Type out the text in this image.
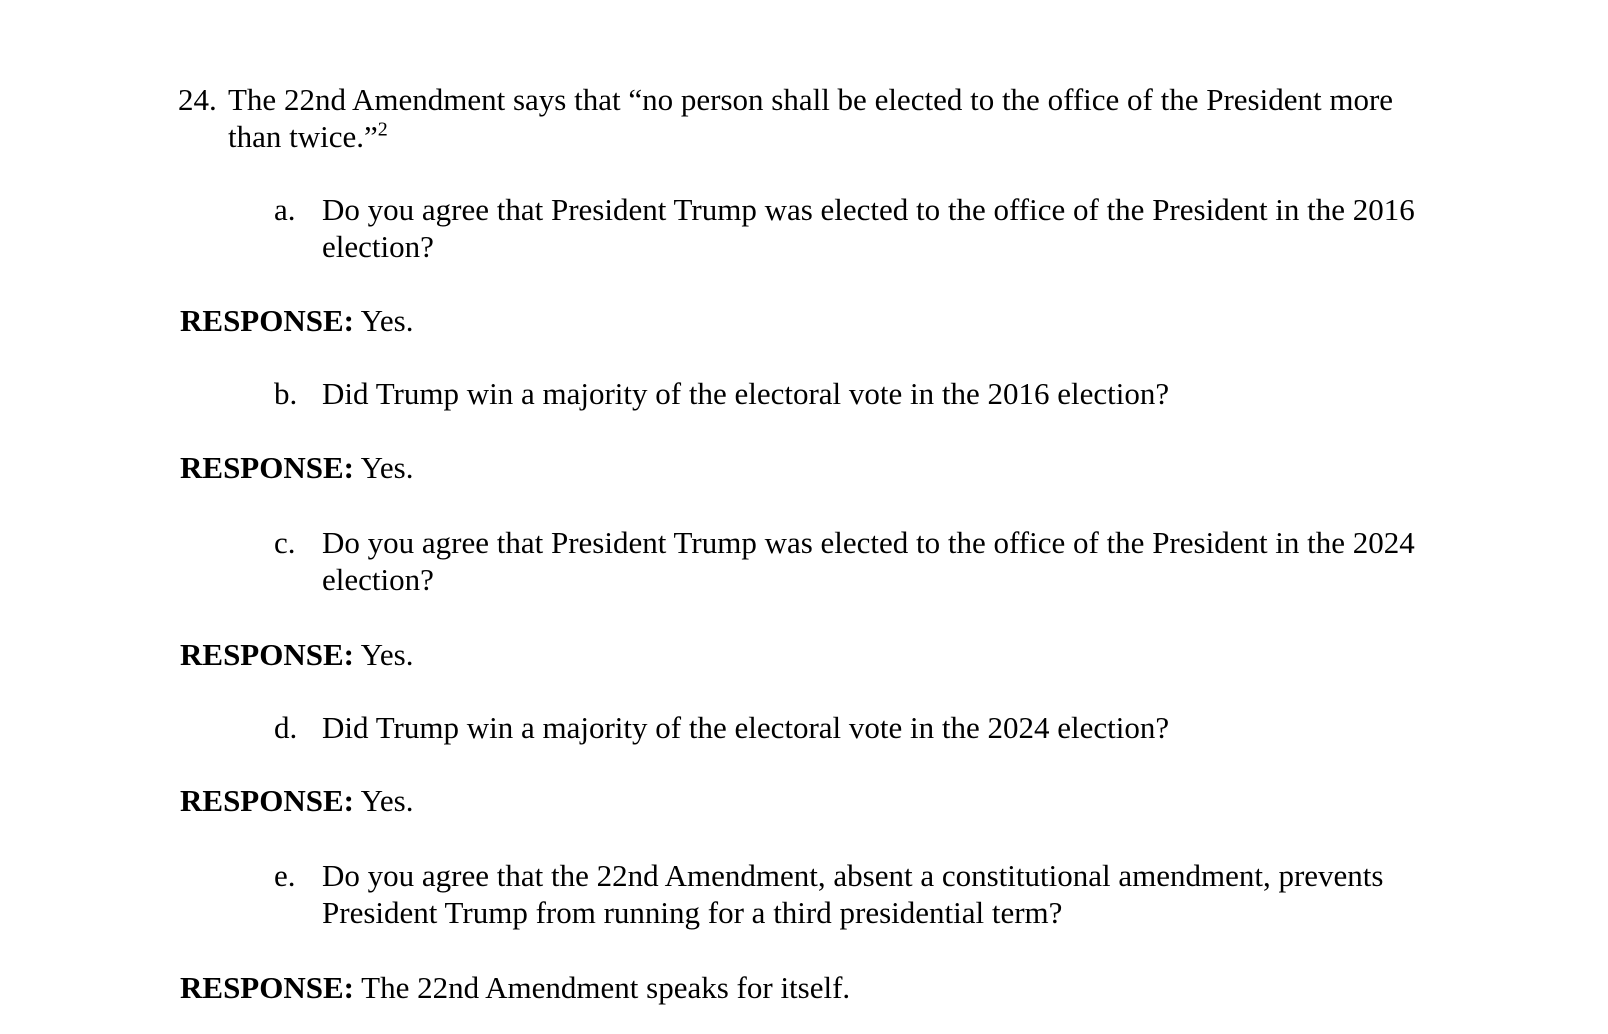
24. The 22nd Amendment says that “no person shall be elected to the office of the President more than twice.”$^2$
a. Do you agree that President Trump was elected to the office of the President in the 2016 election?
RESPONSE: Yes.
b. Did Trump win a majority of the electoral vote in the 2016 election?
RESPONSE: Yes.
c. Do you agree that President Trump was elected to the office of the President in the 2024 election?
RESPONSE: Yes.
d. Did Trump win a majority of the electoral vote in the 2024 election?
RESPONSE: Yes.
e. Do you agree that the 22nd Amendment, absent a constitutional amendment, prevents President Trump from running for a third presidential term?
RESPONSE: The 22nd Amendment speaks for itself.
